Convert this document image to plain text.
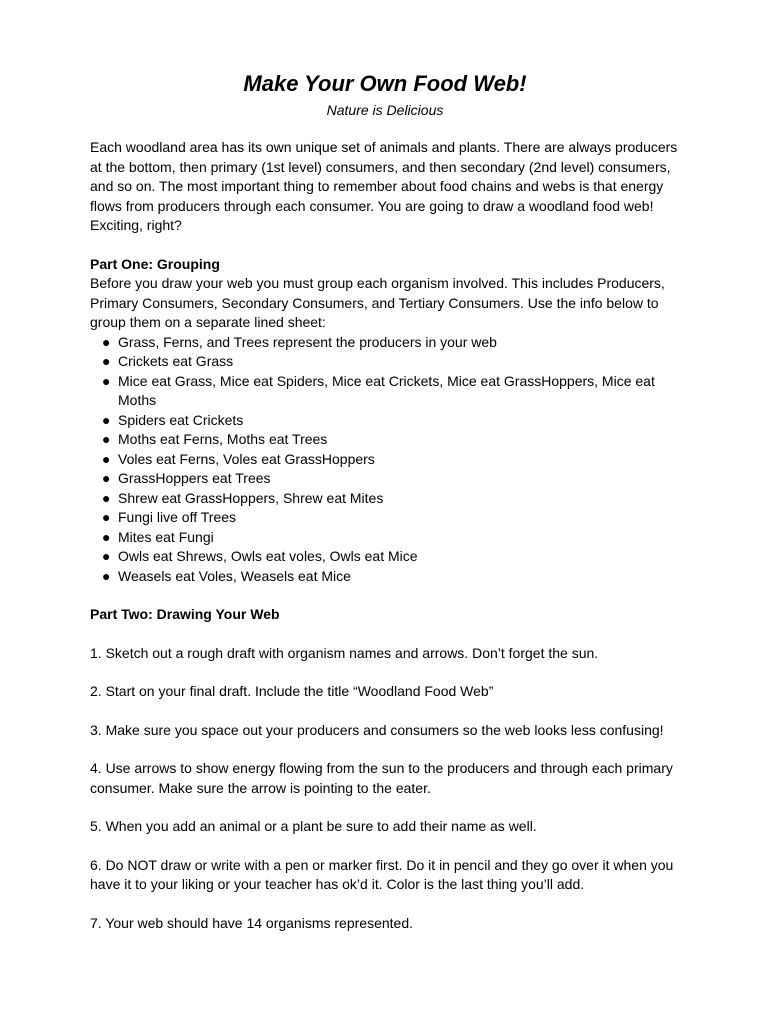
Make Your Own Food Web!

Nature is Delicious

Each woodland area has its own unique set of animals and plants. There are always producers at the bottom, then primary (1st level) consumers, and then secondary (2nd level) consumers, and so on. The most important thing to remember about food chains and webs is that energy flows from producers through each consumer. You are going to draw a woodland food web! Exciting, right?

Part One: Grouping

Before you draw your web you must group each organism involved. This includes Producers, Primary Consumers, Secondary Consumers, and Tertiary Consumers. Use the info below to group them on a separate lined sheet:

● Grass, Ferns, and Trees represent the producers in your web
● Crickets eat Grass
● Mice eat Grass, Mice eat Spiders, Mice eat Crickets, Mice eat GrassHoppers, Mice eat Moths
● Spiders eat Crickets
● Moths eat Ferns, Moths eat Trees
● Voles eat Ferns, Voles eat GrassHoppers
● GrassHoppers eat Trees
● Shrew eat GrassHoppers, Shrew eat Mites
● Fungi live off Trees
● Mites eat Fungi
● Owls eat Shrews, Owls eat voles, Owls eat Mice
● Weasels eat Voles, Weasels eat Mice

Part Two: Drawing Your Web

1. Sketch out a rough draft with organism names and arrows. Don’t forget the sun.

2. Start on your final draft. Include the title “Woodland Food Web”

3. Make sure you space out your producers and consumers so the web looks less confusing!

4. Use arrows to show energy flowing from the sun to the producers and through each primary consumer. Make sure the arrow is pointing to the eater.

5. When you add an animal or a plant be sure to add their name as well.

6. Do NOT draw or write with a pen or marker first. Do it in pencil and they go over it when you have it to your liking or your teacher has ok’d it. Color is the last thing you’ll add.

7. Your web should have 14 organisms represented.
